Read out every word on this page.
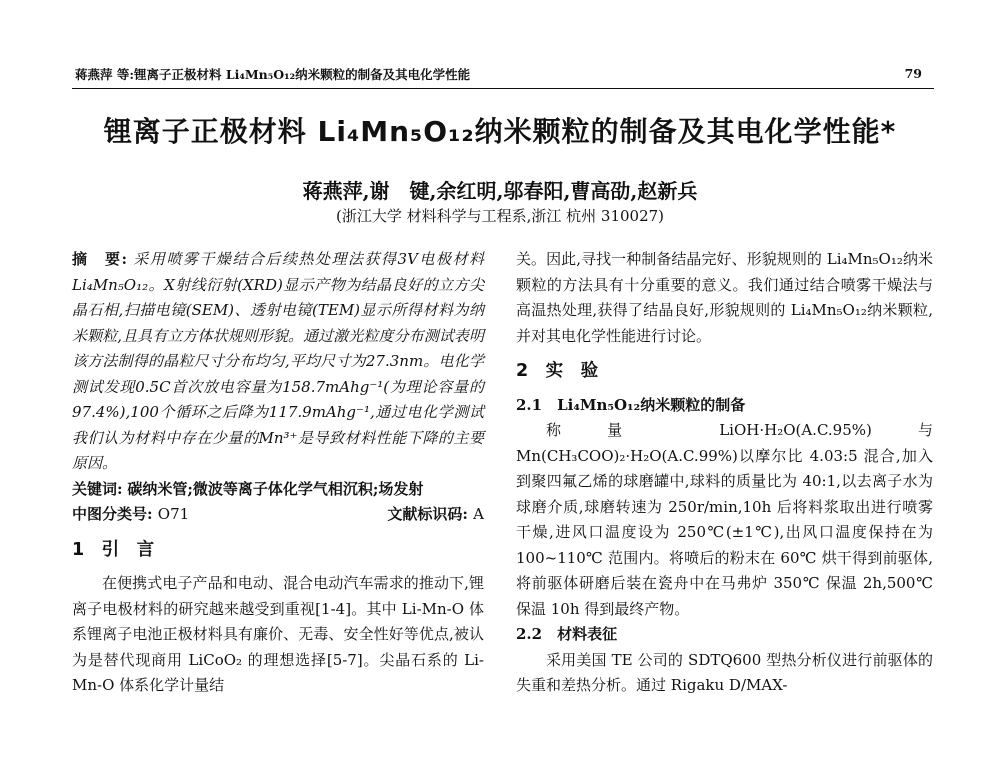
蒋燕萍 等:锂离子正极材料 Li₄Mn₅O₁₂纳米颗粒的制备及其电化学性能	79
锂离子正极材料 Li₄Mn₅O₁₂纳米颗粒的制备及其电化学性能*
蒋燕萍,谢　键,余红明,邬春阳,曹高劭,赵新兵
(浙江大学 材料科学与工程系,浙江 杭州 310027)

摘　要: 采用喷雾干燥结合后续热处理法获得3V电极材料 Li₄Mn₅O₁₂。X射线衍射(XRD)显示产物为结晶良好的立方尖晶石相,扫描电镜(SEM)、透射电镜(TEM)显示所得材料为纳米颗粒,且具有立方体状规则形貌。通过激光粒度分布测试表明该方法制得的晶粒尺寸分布均匀,平均尺寸为27.3nm。电化学测试发现0.5C首次放电容量为158.7mAhg⁻¹(为理论容量的97.4%),100个循环之后降为117.9mAhg⁻¹,通过电化学测试我们认为材料中存在少量的Mn³⁺是导致材料性能下降的主要原因。

关键词: 碳纳米管;微波等离子体化学气相沉积;场发射

中图分类号: O71	文献标识码: A
1　引　言

在便携式电子产品和电动、混合电动汽车需求的推动下,锂离子电极材料的研究越来越受到重视[1-4]。其中 Li-Mn-O 体系锂离子电池正极材料具有廉价、无毒、安全性好等优点,被认为是替代现商用 LiCoO₂ 的理想选择[5-7]。尖晶石系的 Li-Mn-O 体系化学计量结

关。因此,寻找一种制备结晶完好、形貌规则的 Li₄Mn₅O₁₂纳米颗粒的方法具有十分重要的意义。我们通过结合喷雾干燥法与高温热处理,获得了结晶良好,形貌规则的 Li₄Mn₅O₁₂纳米颗粒,并对其电化学性能进行讨论。

2　实　验
2.1　Li₄Mn₅O₁₂纳米颗粒的制备

称量 LiOH·H₂O(A.C.95%)与 Mn(CH₃COO)₂·H₂O(A.C.99%)以摩尔比 4.03:5 混合,加入到聚四氟乙烯的球磨罐中,球料的质量比为 40:1,以去离子水为球磨介质,球磨转速为 250r/min,10h 后将料浆取出进行喷雾干燥,进风口温度设为 250℃(±1℃),出风口温度保持在为 100~110℃ 范围内。将喷后的粉末在 60℃ 烘干得到前驱体,将前驱体研磨后装在瓷舟中在马弗炉 350℃ 保温 2h,500℃ 保温 10h 得到最终产物。

2.2　材料表征

采用美国 TE 公司的 SDTQ600 型热分析仪进行前驱体的失重和差热分析。通过 Rigaku D/MAX-
